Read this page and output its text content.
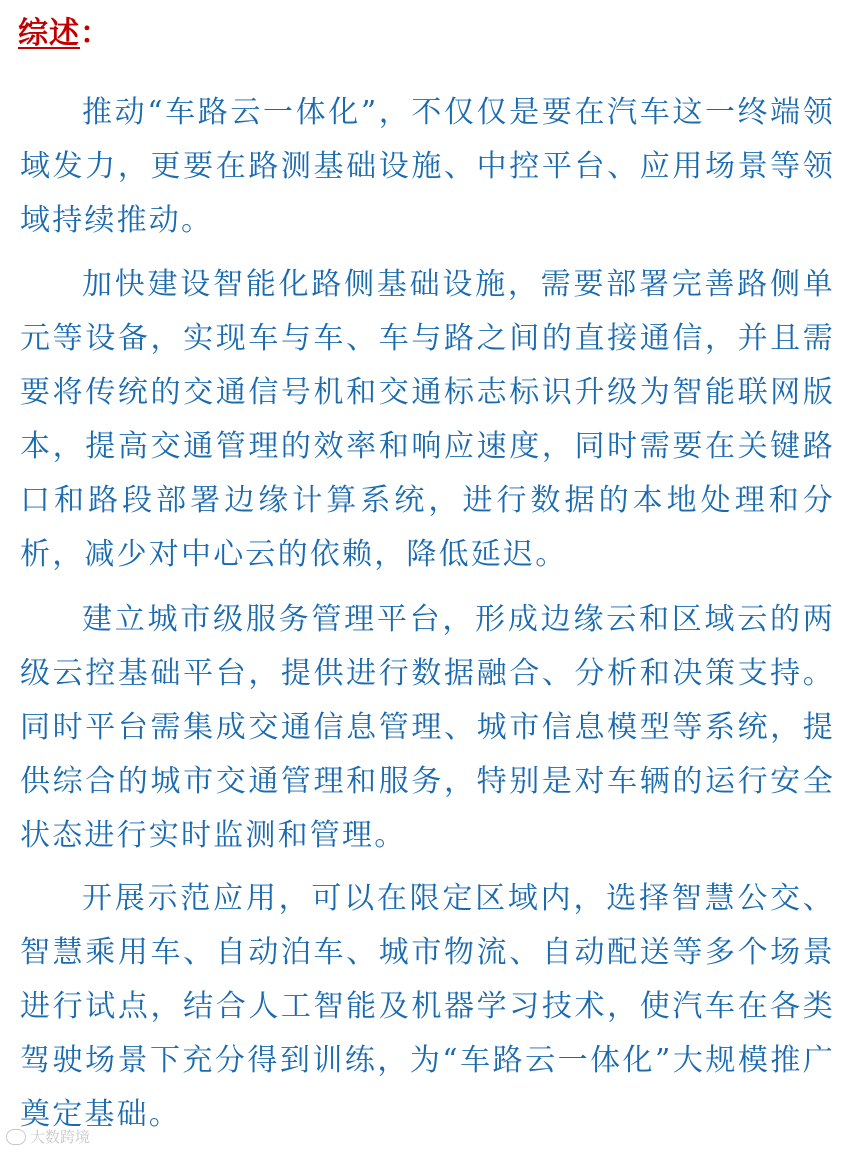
综述：

推动“车路云一体化”，不仅仅是要在汽车这一终端领域发力，更要在路测基础设施、中控平台、应用场景等领域持续推动。

加快建设智能化路侧基础设施，需要部署完善路侧单元等设备，实现车与车、车与路之间的直接通信，并且需要将传统的交通信号机和交通标志标识升级为智能联网版本，提高交通管理的效率和响应速度，同时需要在关键路口和路段部署边缘计算系统，进行数据的本地处理和分析，减少对中心云的依赖，降低延迟。

建立城市级服务管理平台，形成边缘云和区域云的两级云控基础平台，提供进行数据融合、分析和决策支持。同时平台需集成交通信息管理、城市信息模型等系统，提供综合的城市交通管理和服务，特别是对车辆的运行安全状态进行实时监测和管理。

开展示范应用，可以在限定区域内，选择智慧公交、智慧乘用车、自动泊车、城市物流、自动配送等多个场景进行试点，结合人工智能及机器学习技术，使汽车在各类驾驶场景下充分得到训练，为“车路云一体化”大规模推广奠定基础。

大数跨境
